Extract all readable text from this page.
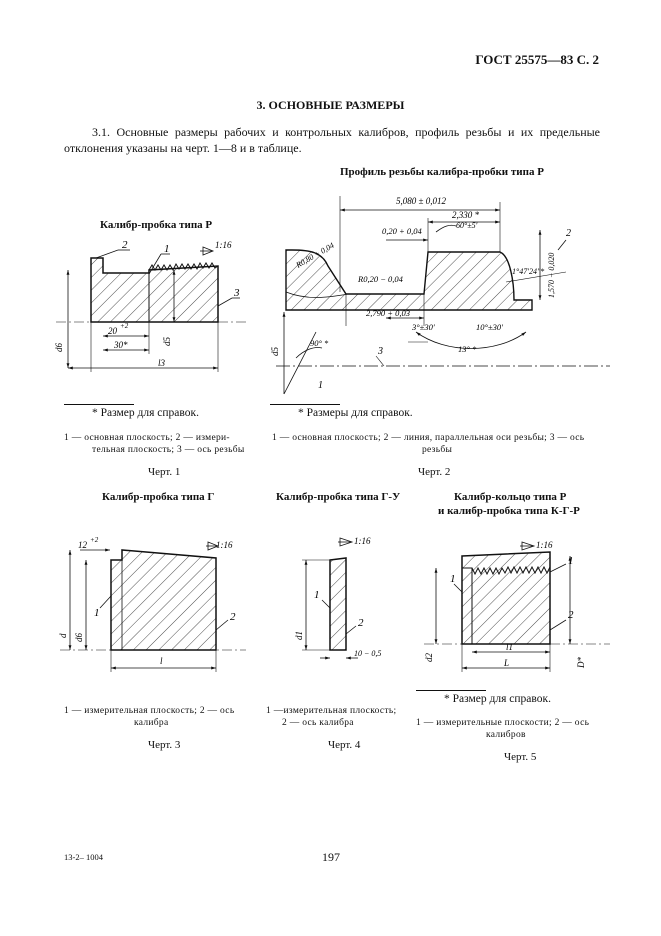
ГОСТ 25575—83 С. 2
3. ОСНОВНЫЕ РАЗМЕРЫ
3.1. Основные размеры рабочих и контрольных калибров, профиль резьбы и их предельные отклонения указаны на черт. 1—8 и в таблице.
Калибр-пробка типа Р
2	1
3
1:16
d6
d5
l3
20 +2
30*
* Размер для справок.
1 — основная плоскость; 2 — измери-
тельная плоскость; 3 — ось резьбы
Черт. 1
Профиль резьбы калибра-пробки типа Р
5,080 ± 0,012
2,330 *
0,20 + 0,04
60°±5′
R0,80 + 0,04
R0,20 − 0,04
2,790 + 0,03
2
1°47′24″* 1,570 − 0,020
3°±30′	10°±30′
13° *
90° *
d5
1
3
* Размеры для справок.
1 — основная плоскость; 2 — линия, параллельная оси резьбы; 3 — ось
резьбы
Черт. 2
Калибр-пробка типа Г
12 +2	1:16
1	2
d d6
l
1 — измерительная плоскость; 2 — ось
калибра
Черт. 3
Калибр-пробка типа Г-У
1:16
1
2
d1
10 − 0,5
1 —измерительная плоскость;
2 — ось калибра
Черт. 4
Калибр-кольцо типа Р
и калибр-пробка типа К-Г-Р
1:16
1
1
2
d2	D*
l1
L
* Размер для справок.
1 — измерительные плоскости; 2 — ось
калибров
Черт. 5
13-2– 1004	197
